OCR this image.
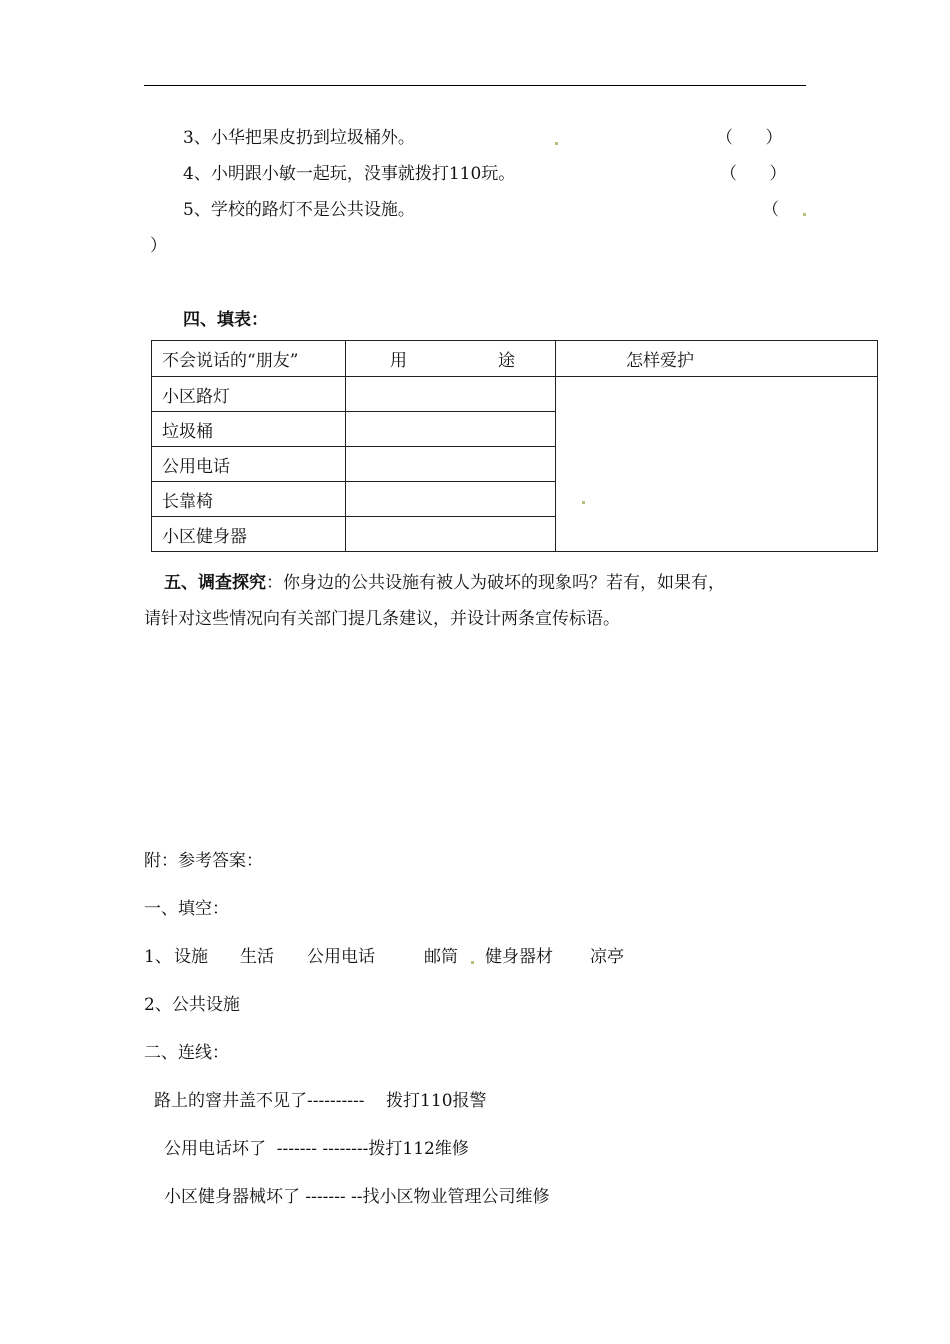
3、小华把果皮扔到垃圾桶外。	（ ）
4、小明跟小敏一起玩，没事就拨打110玩。	（ ）
5、学校的路灯不是公共设施。	（
）
四、填表：
不会说话的“朋友”	用 途	怎样爱护
小区路灯		

垃圾桶		
公用电话		
长靠椅		
小区健身器		
五、调查探究：你身边的公共设施有被人为破坏的现象吗？若有，如果有，
请针对这些情况向有关部门提几条建议，并设计两条宣传标语。
附：参考答案：
一、填空：
1、 设施 生活 公用电话	邮筒 健身器材 凉亭
2、公共设施
二、连线：
路上的窨井盖不见了----------    拨打110报警
公用电话坏了  ------- --------拨打112维修
小区健身器械坏了 ------- --找小区物业管理公司维修
